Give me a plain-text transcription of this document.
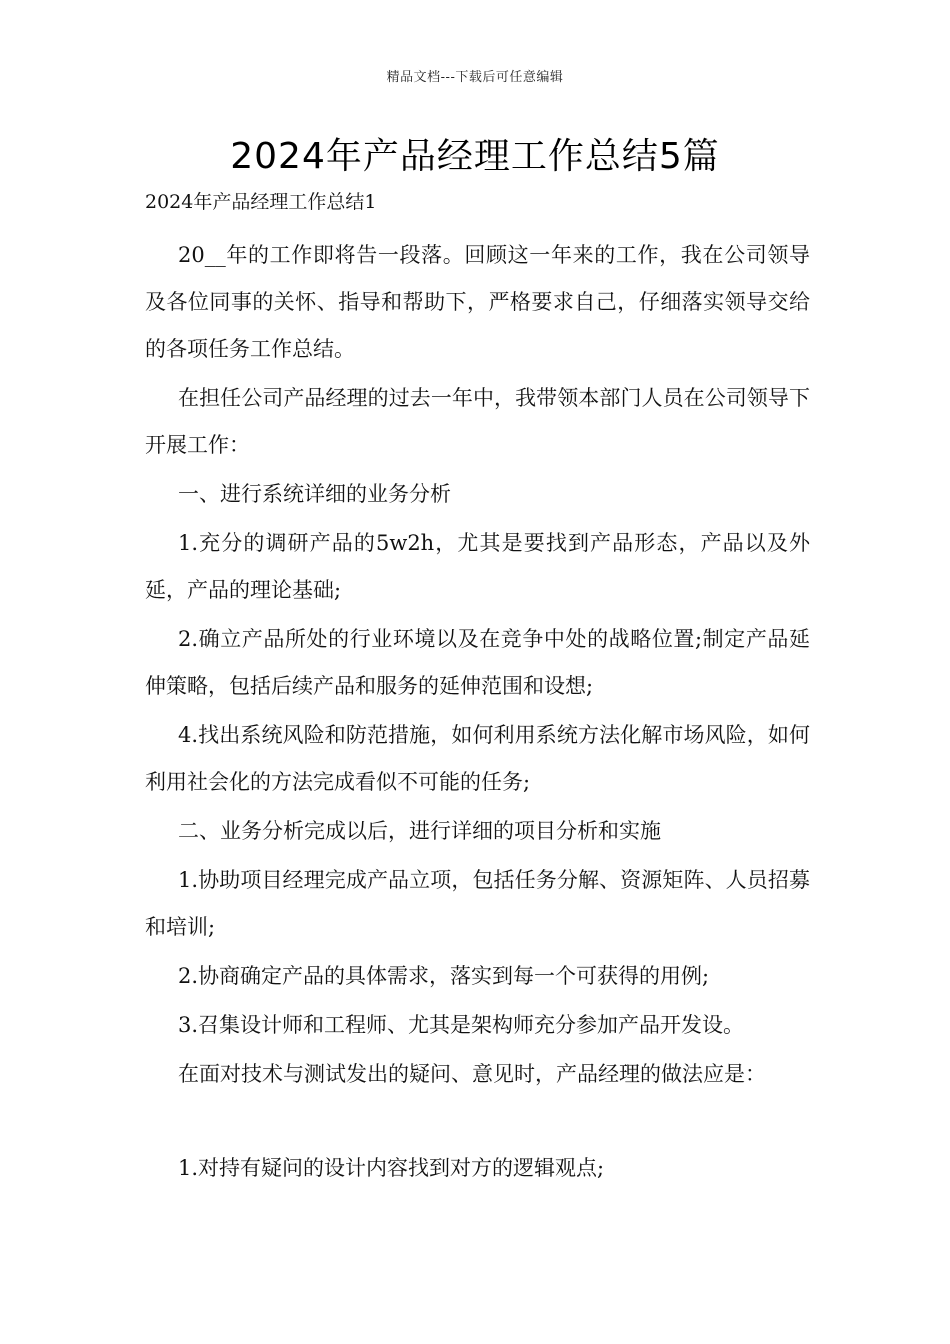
精品文档---下载后可任意编辑
2024年产品经理工作总结5篇
2024年产品经理工作总结1

20__年的工作即将告一段落。回顾这一年来的工作，我在公司领导及各位同事的关怀、指导和帮助下，严格要求自己，仔细落实领导交给的各项任务工作总结。

在担任公司产品经理的过去一年中，我带领本部门人员在公司领导下开展工作：

一、进行系统详细的业务分析

1.充分的调研产品的5w2h，尤其是要找到产品形态，产品以及外延，产品的理论基础;

2.确立产品所处的行业环境以及在竞争中处的战略位置;制定产品延伸策略，包括后续产品和服务的延伸范围和设想;

4.找出系统风险和防范措施，如何利用系统方法化解市场风险，如何利用社会化的方法完成看似不可能的任务;

二、业务分析完成以后，进行详细的项目分析和实施

1.协助项目经理完成产品立项，包括任务分解、资源矩阵、人员招募和培训;

2.协商确定产品的具体需求，落实到每一个可获得的用例;

3.召集设计师和工程师、尤其是架构师充分参加产品开发设。

在面对技术与测试发出的疑问、意见时，产品经理的做法应是：

1.对持有疑问的设计内容找到对方的逻辑观点;
